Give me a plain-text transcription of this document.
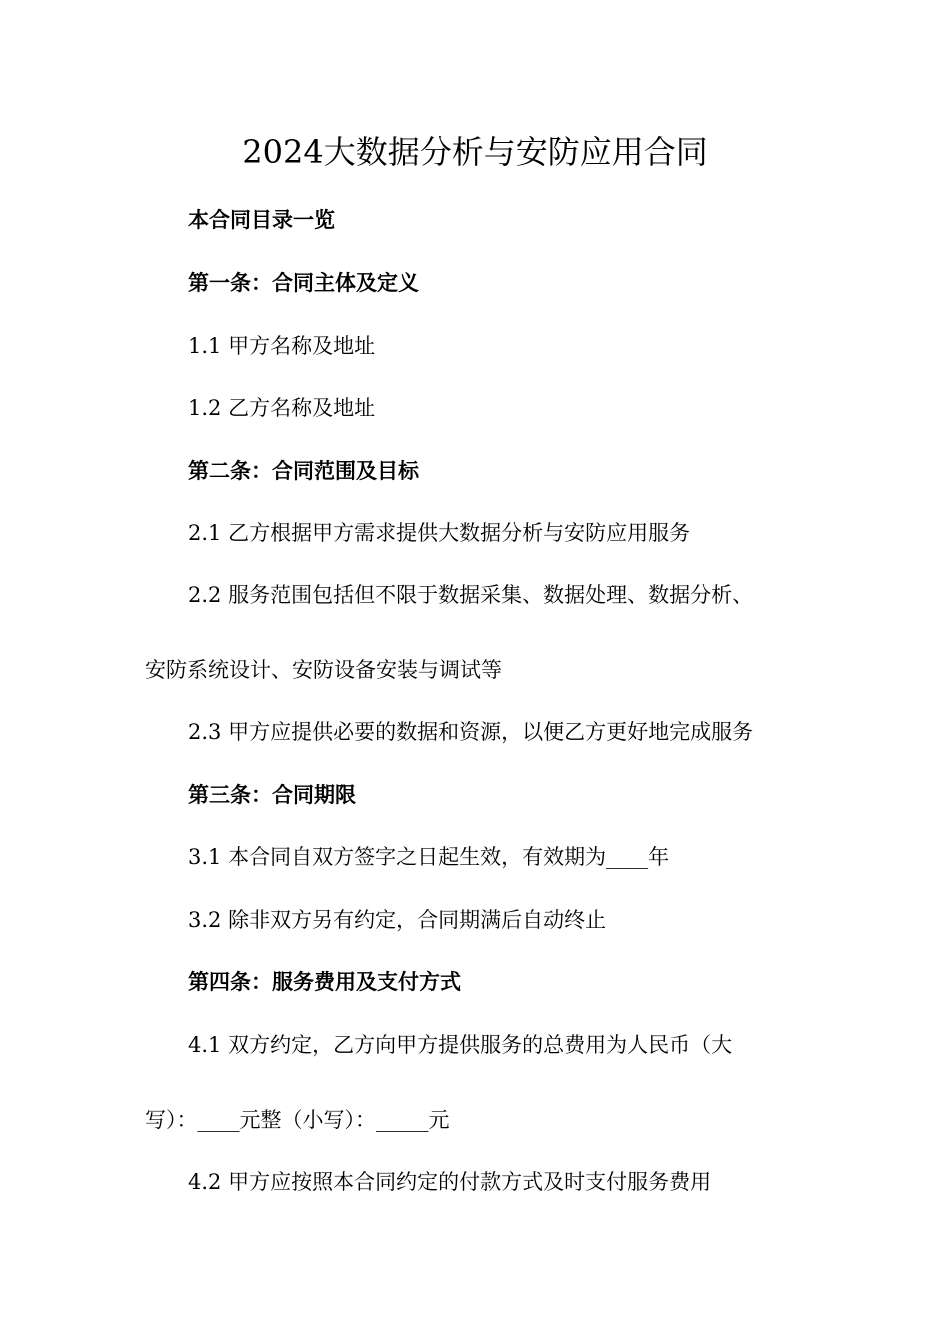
2024大数据分析与安防应用合同
本合同目录一览
第一条：合同主体及定义
1.1 甲方名称及地址
1.2 乙方名称及地址
第二条：合同范围及目标
2.1 乙方根据甲方需求提供大数据分析与安防应用服务
2.2 服务范围包括但不限于数据采集、数据处理、数据分析、
安防系统设计、安防设备安装与调试等
2.3 甲方应提供必要的数据和资源，以便乙方更好地完成服务
第三条：合同期限
3.1 本合同自双方签字之日起生效，有效期为____年
3.2 除非双方另有约定，合同期满后自动终止
第四条：服务费用及支付方式
4.1 双方约定，乙方向甲方提供服务的总费用为人民币（大
写）：____元整（小写）：_____元
4.2 甲方应按照本合同约定的付款方式及时支付服务费用
